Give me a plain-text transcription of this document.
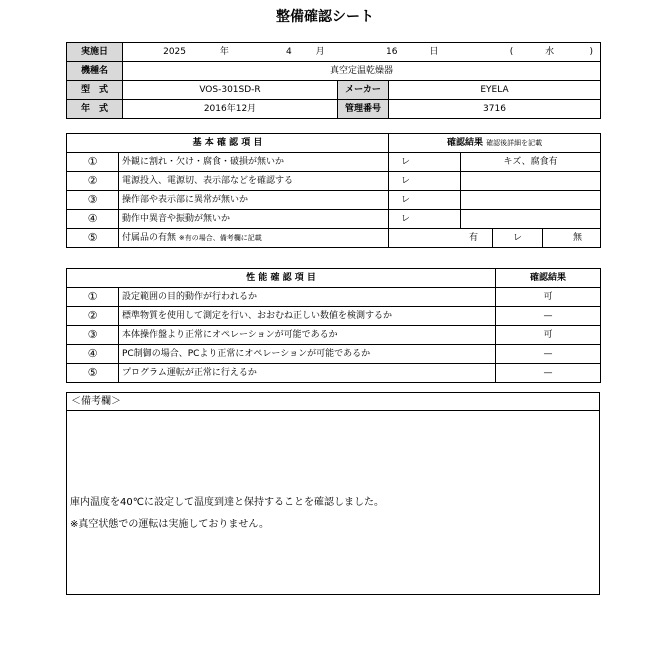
整備確認シート
実施日	2025 年 4 月 16 日 ( 水 )		
機種名	真空定温乾燥器		
型　式	VOS-301SD-R	メーカー	EYELA
年　式	2016年12月	管理番号	3716
基 本 確 認 項 目		確認結果 確認後詳細を記載			
①	外観に割れ・欠け・腐食・破損が無いか	レ	キズ、腐食有		
②	電源投入、電源切、表示部などを確認する	レ			
③	操作部や表示部に異常が無いか	レ			
④	動作中異音や振動が無いか	レ			
⑤	付属品の有無 ※有の場合、備考欄に記載	有		レ	無
性 能 確 認 項 目		確認結果
①	設定範囲の目的動作が行われるか	可
②	標準物質を使用して測定を行い、おおむね正しい数値を検測するか	—
③	本体操作盤より正常にオペレーションが可能であるか	可
④	PC制御の場合、PCより正常にオペレーションが可能であるか	—
⑤	プログラム運転が正常に行えるか	—
＜備考欄＞
庫内温度を40℃に設定して温度到達と保持することを確認しました。
※真空状態での運転は実施しておりません。
